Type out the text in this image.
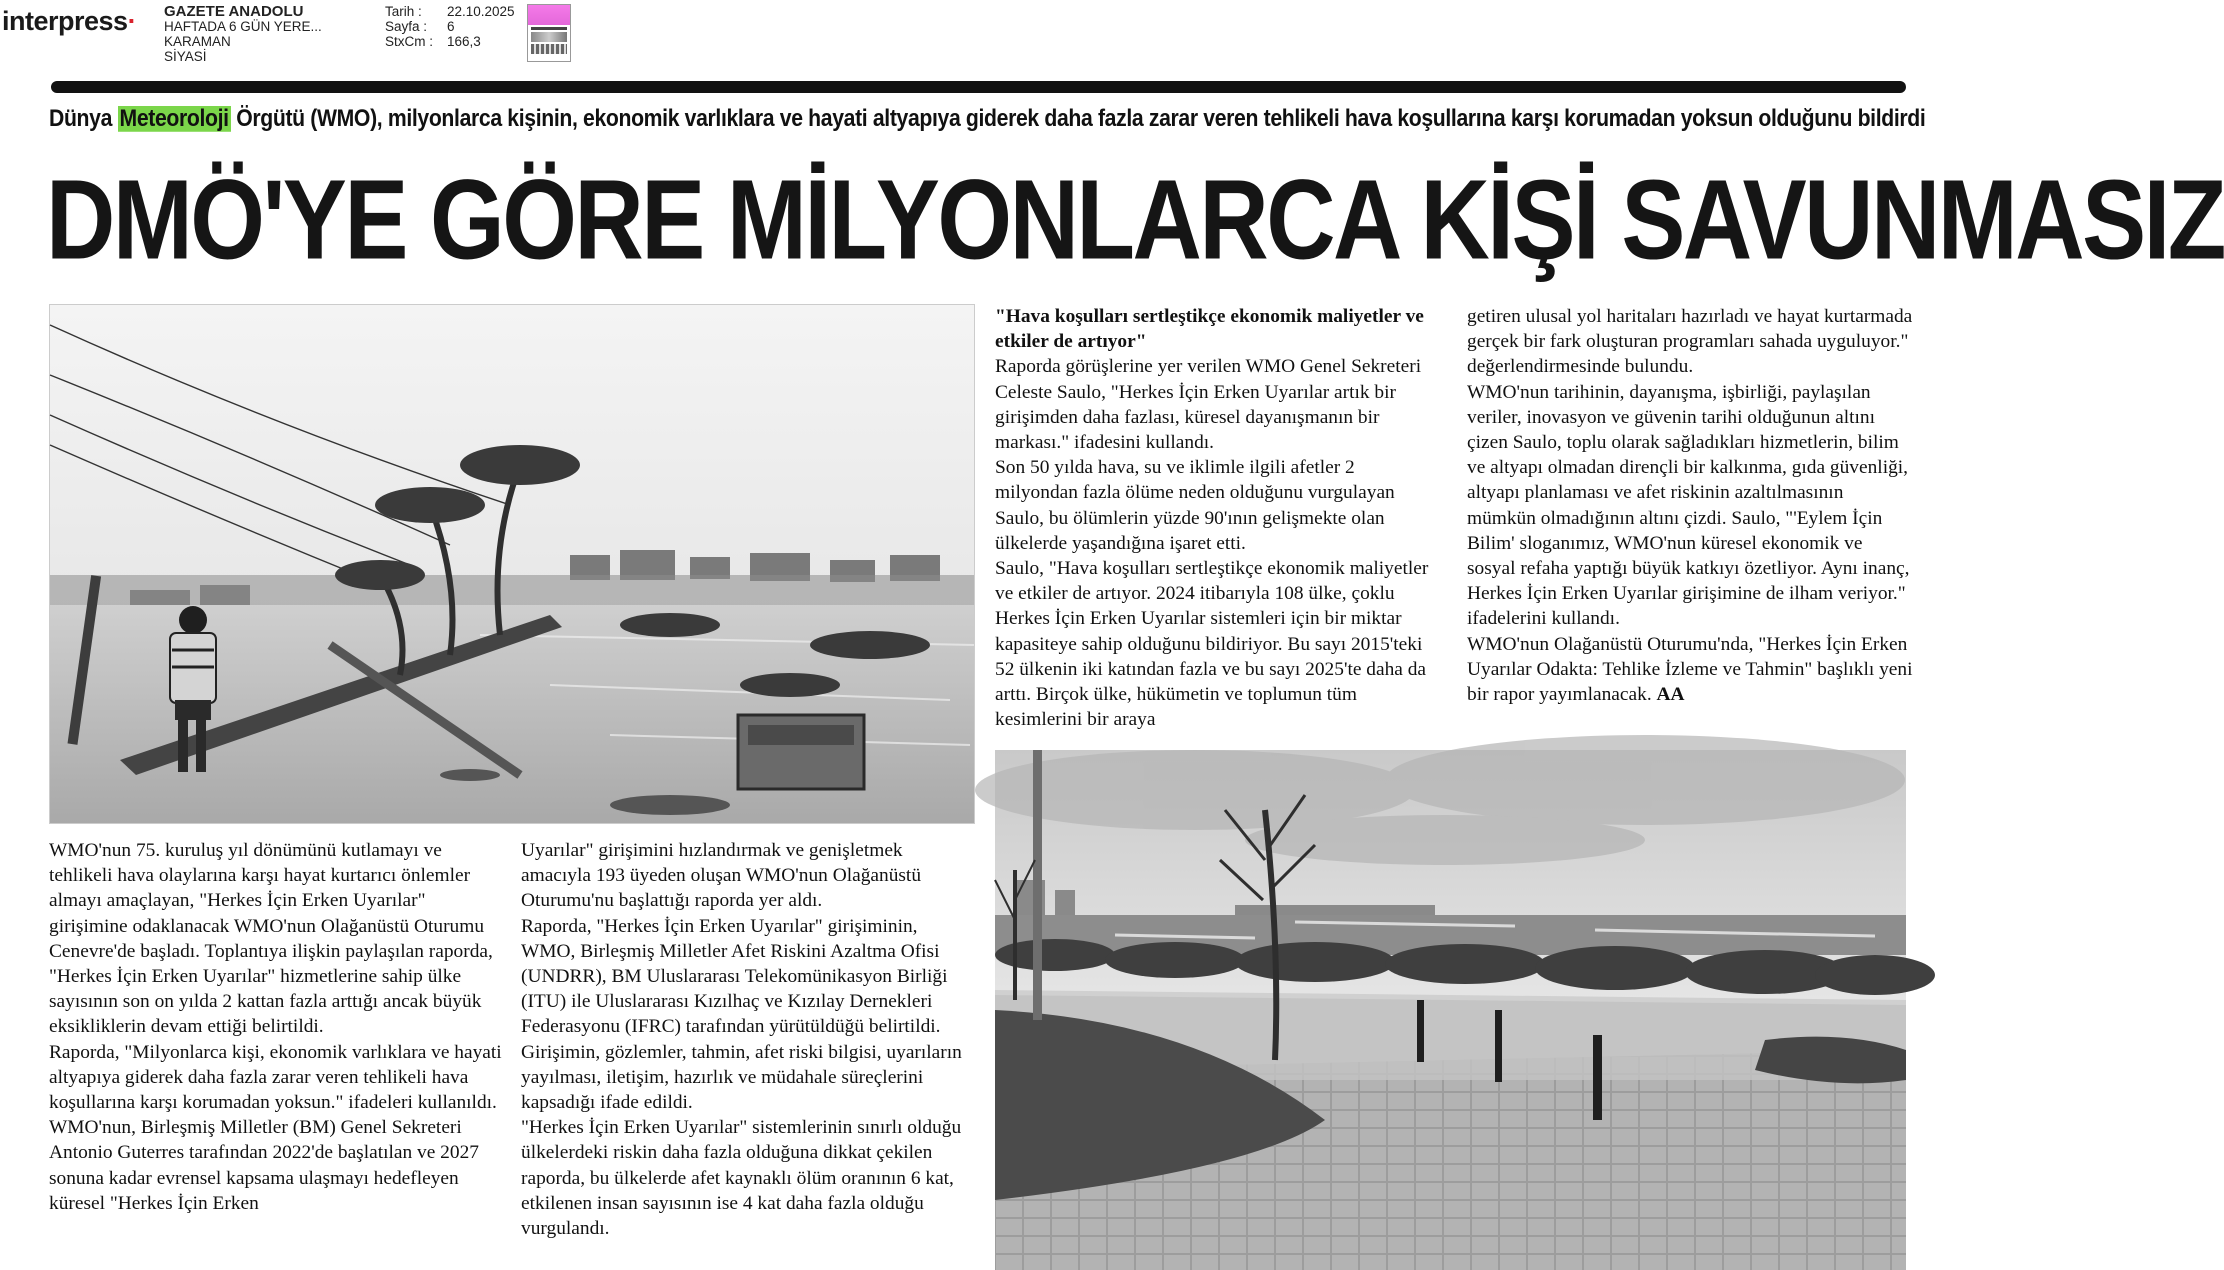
interpress· GAZETE ANADOLU
HAFTADA 6 GÜN YERE...
KARAMAN
SİYASİ
Tarih :	22.10.2025
Sayfa :	6
StxCm :	166,3
Dünya Meteoroloji Örgütü (WMO), milyonlarca kişinin, ekonomik varlıklara ve hayati altyapıya giderek daha fazla zarar veren tehlikeli hava koşullarına karşı korumadan yoksun olduğunu bildirdi
DMÖ'YE GÖRE MİLYONLARCA KİŞİ SAVUNMASIZ

WMO'nun 75. kuruluş yıl dönümünü kutlamayı ve tehlikeli hava olaylarına karşı hayat kurtarıcı önlemler almayı amaçlayan, "Herkes İçin Erken Uyarılar" girişimine odaklanacak WMO'nun Olağanüstü Oturumu Cenevre'de başladı. Toplantıya ilişkin paylaşılan raporda, "Herkes İçin Erken Uyarılar" hizmetlerine sahip ülke sayısının son on yılda 2 kattan fazla arttığı ancak büyük eksikliklerin devam ettiği belirtildi.

Raporda, "Milyonlarca kişi, ekonomik varlıklara ve hayati altyapıya giderek daha fazla zarar veren tehlikeli hava koşullarına karşı korumadan yoksun." ifadeleri kullanıldı.

WMO'nun, Birleşmiş Milletler (BM) Genel Sekreteri Antonio Guterres tarafından 2022'de başlatılan ve 2027 sonuna kadar evrensel kapsama ulaşmayı hedefleyen küresel "Herkes İçin Erken

Uyarılar" girişimini hızlandırmak ve genişletmek amacıyla 193 üyeden oluşan WMO'nun Olağanüstü Oturumu'nu başlattığı raporda yer aldı.

Raporda, "Herkes İçin Erken Uyarılar" girişiminin, WMO, Birleşmiş Milletler Afet Riskini Azaltma Ofisi (UNDRR), BM Uluslararası Telekomünikasyon Birliği (ITU) ile Uluslararası Kızılhaç ve Kızılay Dernekleri Federasyonu (IFRC) tarafından yürütüldüğü belirtildi.

Girişimin, gözlemler, tahmin, afet riski bilgisi, uyarıların yayılması, iletişim, hazırlık ve müdahale süreçlerini kapsadığı ifade edildi.

"Herkes İçin Erken Uyarılar" sistemlerinin sınırlı olduğu ülkelerdeki riskin daha fazla olduğuna dikkat çekilen raporda, bu ülkelerde afet kaynaklı ölüm oranının 6 kat, etkilenen insan sayısının ise 4 kat daha fazla olduğu vurgulandı.

"Hava koşulları sertleştikçe ekonomik maliyetler ve etkiler de artıyor"

Raporda görüşlerine yer verilen WMO Genel Sekreteri Celeste Saulo, "Herkes İçin Erken Uyarılar artık bir girişimden daha fazlası, küresel dayanışmanın bir markası." ifadesini kullandı.

Son 50 yılda hava, su ve iklimle ilgili afetler 2 milyondan fazla ölüme neden olduğunu vurgulayan Saulo, bu ölümlerin yüzde 90'ının gelişmekte olan ülkelerde yaşandığına işaret etti.

Saulo, "Hava koşulları sertleştikçe ekonomik maliyetler ve etkiler de artıyor. 2024 itibarıyla 108 ülke, çoklu Herkes İçin Erken Uyarılar sistemleri için bir miktar kapasiteye sahip olduğunu bildiriyor. Bu sayı 2015'teki 52 ülkenin iki katından fazla ve bu sayı 2025'te daha da arttı. Birçok ülke, hükümetin ve toplumun tüm kesimlerini bir araya

getiren ulusal yol haritaları hazırladı ve hayat kurtarmada gerçek bir fark oluşturan programları sahada uyguluyor." değerlendirmesinde bulundu.

WMO'nun tarihinin, dayanışma, işbirliği, paylaşılan veriler, inovasyon ve güvenin tarihi olduğunun altını çizen Saulo, toplu olarak sağladıkları hizmetlerin, bilim ve altyapı olmadan dirençli bir kalkınma, gıda güvenliği, altyapı planlaması ve afet riskinin azaltılmasının mümkün olmadığının altını çizdi. Saulo, "'Eylem İçin Bilim' sloganımız, WMO'nun küresel ekonomik ve sosyal refaha yaptığı büyük katkıyı özetliyor. Aynı inanç, Herkes İçin Erken Uyarılar girişimine de ilham veriyor." ifadelerini kullandı.

WMO'nun Olağanüstü Oturumu'nda, "Herkes İçin Erken Uyarılar Odakta: Tehlike İzleme ve Tahmin" başlıklı yeni bir rapor yayımlanacak. AA
